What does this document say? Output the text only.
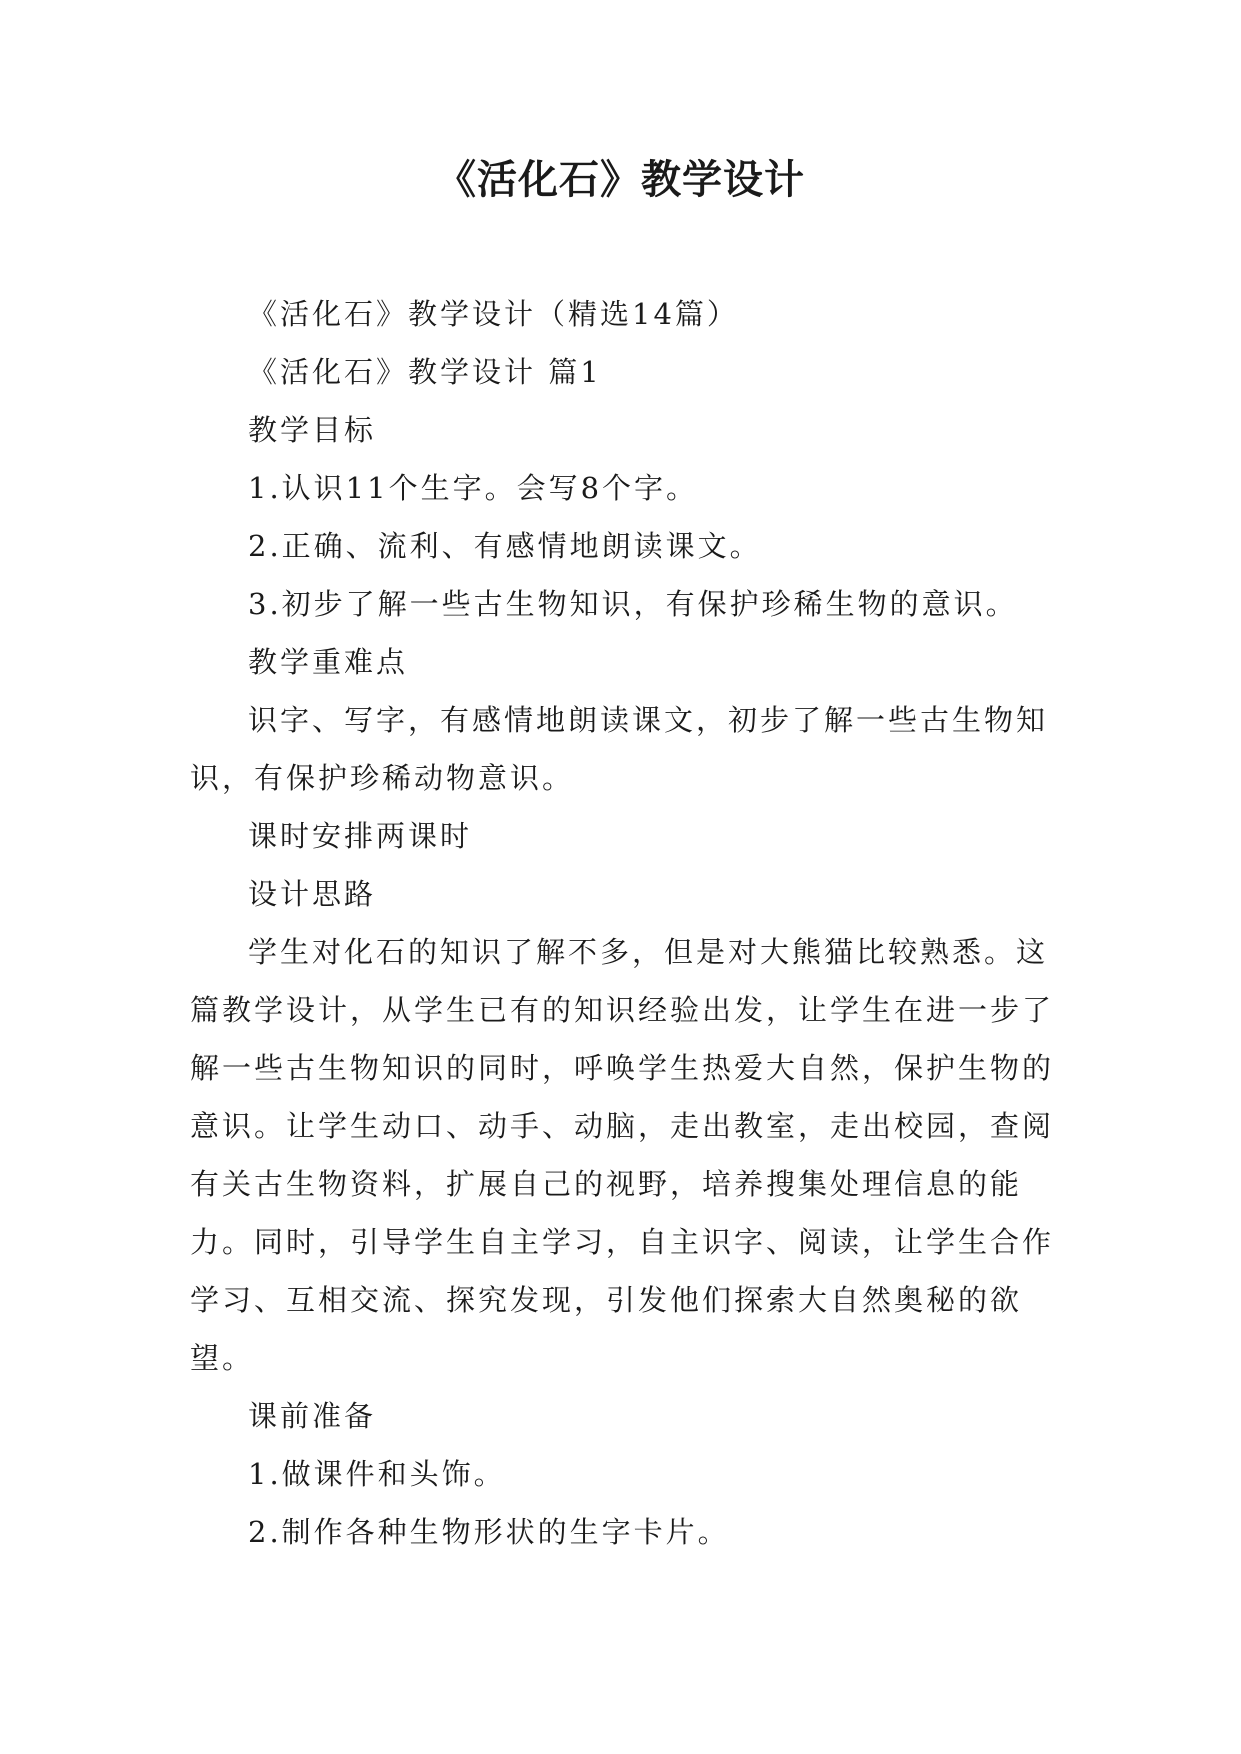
《活化石》教学设计

《活化石》教学设计（精选14篇）

《活化石》教学设计 篇1

教学目标

1.认识11个生字。会写8个字。

2.正确、流利、有感情地朗读课文。

3.初步了解一些古生物知识，有保护珍稀生物的意识。

教学重难点

识字、写字，有感情地朗读课文，初步了解一些古生物知识，有保护珍稀动物意识。

课时安排两课时

设计思路

学生对化石的知识了解不多，但是对大熊猫比较熟悉。这篇教学设计，从学生已有的知识经验出发，让学生在进一步了解一些古生物知识的同时，呼唤学生热爱大自然，保护生物的意识。让学生动口、动手、动脑，走出教室，走出校园，查阅有关古生物资料，扩展自己的视野，培养搜集处理信息的能力。同时，引导学生自主学习，自主识字、阅读，让学生合作学习、互相交流、探究发现，引发他们探索大自然奥秘的欲望。

课前准备

1.做课件和头饰。

2.制作各种生物形状的生字卡片。
